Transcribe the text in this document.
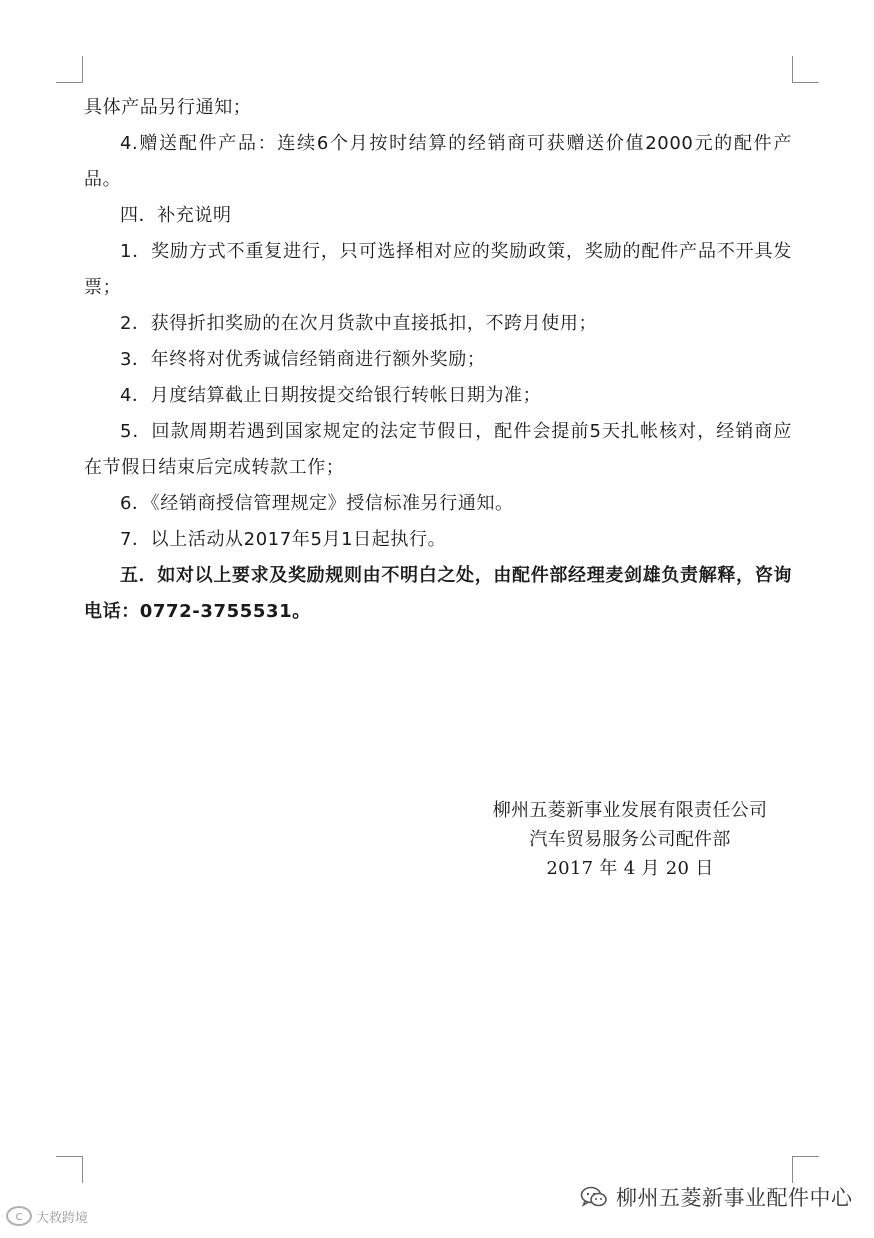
具体产品另行通知；

4.赠送配件产品：连续6个月按时结算的经销商可获赠送价值2000元的配件产品。

四．补充说明

1．奖励方式不重复进行，只可选择相对应的奖励政策，奖励的配件产品不开具发票；

2．获得折扣奖励的在次月货款中直接抵扣，不跨月使用；

3．年终将对优秀诚信经销商进行额外奖励；

4．月度结算截止日期按提交给银行转帐日期为准；

5．回款周期若遇到国家规定的法定节假日，配件会提前5天扎帐核对，经销商应在节假日结束后完成转款工作；

6．《经销商授信管理规定》授信标准另行通知。

7．以上活动从2017年5月1日起执行。

五．如对以上要求及奖励规则由不明白之处，由配件部经理麦剑雄负责解释，咨询电话：0772-3755531。

柳州五菱新事业发展有限责任公司
汽车贸易服务公司配件部
2017 年 4 月 20 日
C	大救跨境
柳州五菱新事业配件中心
